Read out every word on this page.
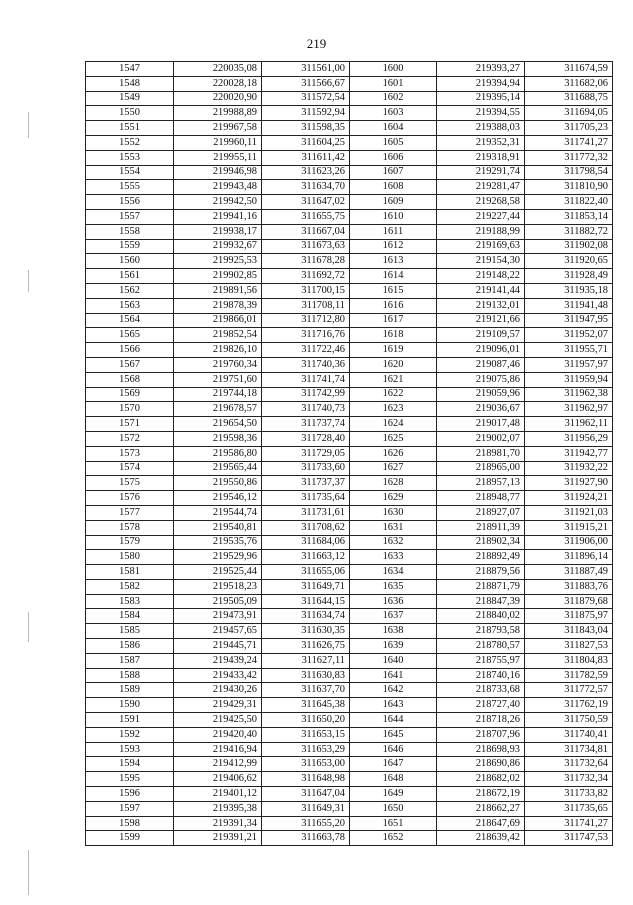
219
1547	220035,08	311561,00	1600	219393,27	311674,59
1548	220028,18	311566,67	1601	219394,94	311682,06
1549	220020,90	311572,54	1602	219395,14	311688,75
1550	219988,89	311592,94	1603	219394,55	311694,05
1551	219967,58	311598,35	1604	219388,03	311705,23
1552	219960,11	311604,25	1605	219352,31	311741,27
1553	219955,11	311611,42	1606	219318,91	311772,32
1554	219946,98	311623,26	1607	219291,74	311798,54
1555	219943,48	311634,70	1608	219281,47	311810,90
1556	219942,50	311647,02	1609	219268,58	311822,40
1557	219941,16	311655,75	1610	219227,44	311853,14
1558	219938,17	311667,04	1611	219188,99	311882,72
1559	219932,67	311673,63	1612	219169,63	311902,08
1560	219925,53	311678,28	1613	219154,30	311920,65
1561	219902,85	311692,72	1614	219148,22	311928,49
1562	219891,56	311700,15	1615	219141,44	311935,18
1563	219878,39	311708,11	1616	219132,01	311941,48
1564	219866,01	311712,80	1617	219121,66	311947,95
1565	219852,54	311716,76	1618	219109,57	311952,07
1566	219826,10	311722,46	1619	219096,01	311955,71
1567	219760,34	311740,36	1620	219087,46	311957,97
1568	219751,60	311741,74	1621	219075,86	311959,94
1569	219744,18	311742,99	1622	219059,96	311962,38
1570	219678,57	311740,73	1623	219036,67	311962,97
1571	219654,50	311737,74	1624	219017,48	311962,11
1572	219598,36	311728,40	1625	219002,07	311956,29
1573	219586,80	311729,05	1626	218981,70	311942,77
1574	219565,44	311733,60	1627	218965,00	311932,22
1575	219550,86	311737,37	1628	218957,13	311927,90
1576	219546,12	311735,64	1629	218948,77	311924,21
1577	219544,74	311731,61	1630	218927,07	311921,03
1578	219540,81	311708,62	1631	218911,39	311915,21
1579	219535,76	311684,06	1632	218902,34	311906,00
1580	219529,96	311663,12	1633	218892,49	311896,14
1581	219525,44	311655,06	1634	218879,56	311887,49
1582	219518,23	311649,71	1635	218871,79	311883,76
1583	219505,09	311644,15	1636	218847,39	311879,68
1584	219473,91	311634,74	1637	218840,02	311875,97
1585	219457,65	311630,35	1638	218793,58	311843,04
1586	219445,71	311626,75	1639	218780,57	311827,53
1587	219439,24	311627,11	1640	218755,97	311804,83
1588	219433,42	311630,83	1641	218740,16	311782,59
1589	219430,26	311637,70	1642	218733,68	311772,57
1590	219429,31	311645,38	1643	218727,40	311762,19
1591	219425,50	311650,20	1644	218718,26	311750,59
1592	219420,40	311653,15	1645	218707,96	311740,41
1593	219416,94	311653,29	1646	218698,93	311734,81
1594	219412,99	311653,00	1647	218690,86	311732,64
1595	219406,62	311648,98	1648	218682,02	311732,34
1596	219401,12	311647,04	1649	218672,19	311733,82
1597	219395,38	311649,31	1650	218662,27	311735,65
1598	219391,34	311655,20	1651	218647,69	311741,27
1599	219391,21	311663,78	1652	218639,42	311747,53
